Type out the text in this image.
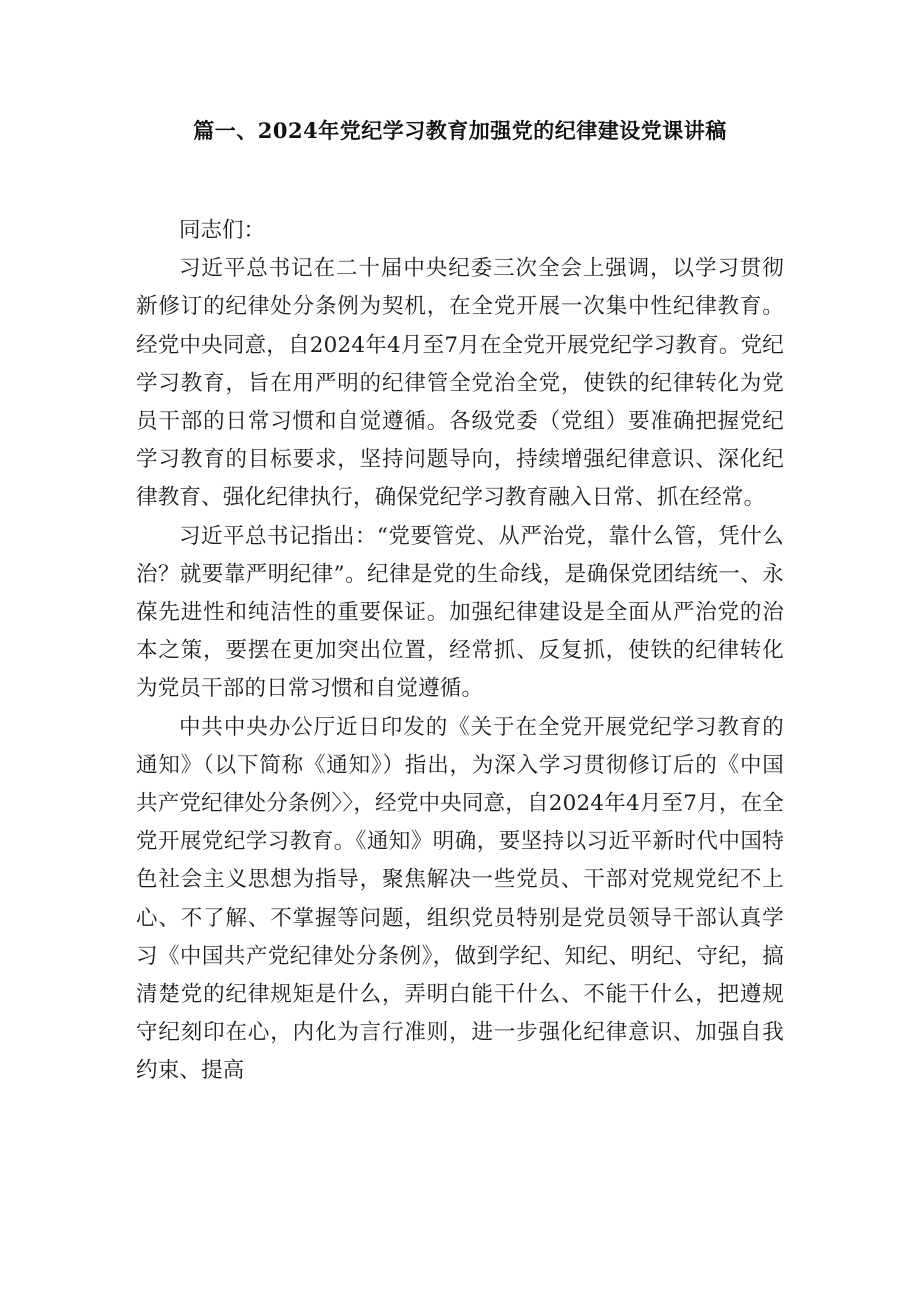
篇一、2024年党纪学习教育加强党的纪律建设党课讲稿

同志们：

习近平总书记在二十届中央纪委三次全会上强调，以学习贯彻新修订的纪律处分条例为契机，在全党开展一次集中性纪律教育。经党中央同意，自2024年4月至7月在全党开展党纪学习教育。党纪学习教育，旨在用严明的纪律管全党治全党，使铁的纪律转化为党员干部的日常习惯和自觉遵循。各级党委（党组）要准确把握党纪学习教育的目标要求，坚持问题导向，持续增强纪律意识、深化纪律教育、强化纪律执行，确保党纪学习教育融入日常、抓在经常。

习近平总书记指出：“党要管党、从严治党，靠什么管，凭什么治？就要靠严明纪律”。纪律是党的生命线，是确保党团结统一、永葆先进性和纯洁性的重要保证。加强纪律建设是全面从严治党的治本之策，要摆在更加突出位置，经常抓、反复抓，使铁的纪律转化为党员干部的日常习惯和自觉遵循。

中共中央办公厅近日印发的《关于在全党开展党纪学习教育的通知》（以下简称《通知》）指出，为深入学习贯彻修订后的《中国共产党纪律处分条例〉〉，经党中央同意，自2024年4月至7月，在全党开展党纪学习教育。《通知》明确，要坚持以习近平新时代中国特色社会主义思想为指导，聚焦解决一些党员、干部对党规党纪不上心、不了解、不掌握等问题，组织党员特别是党员领导干部认真学习《中国共产党纪律处分条例》，做到学纪、知纪、明纪、守纪，搞清楚党的纪律规矩是什么，弄明白能干什么、不能干什么，把遵规守纪刻印在心，内化为言行准则，进一步强化纪律意识、加强自我约束、提高
